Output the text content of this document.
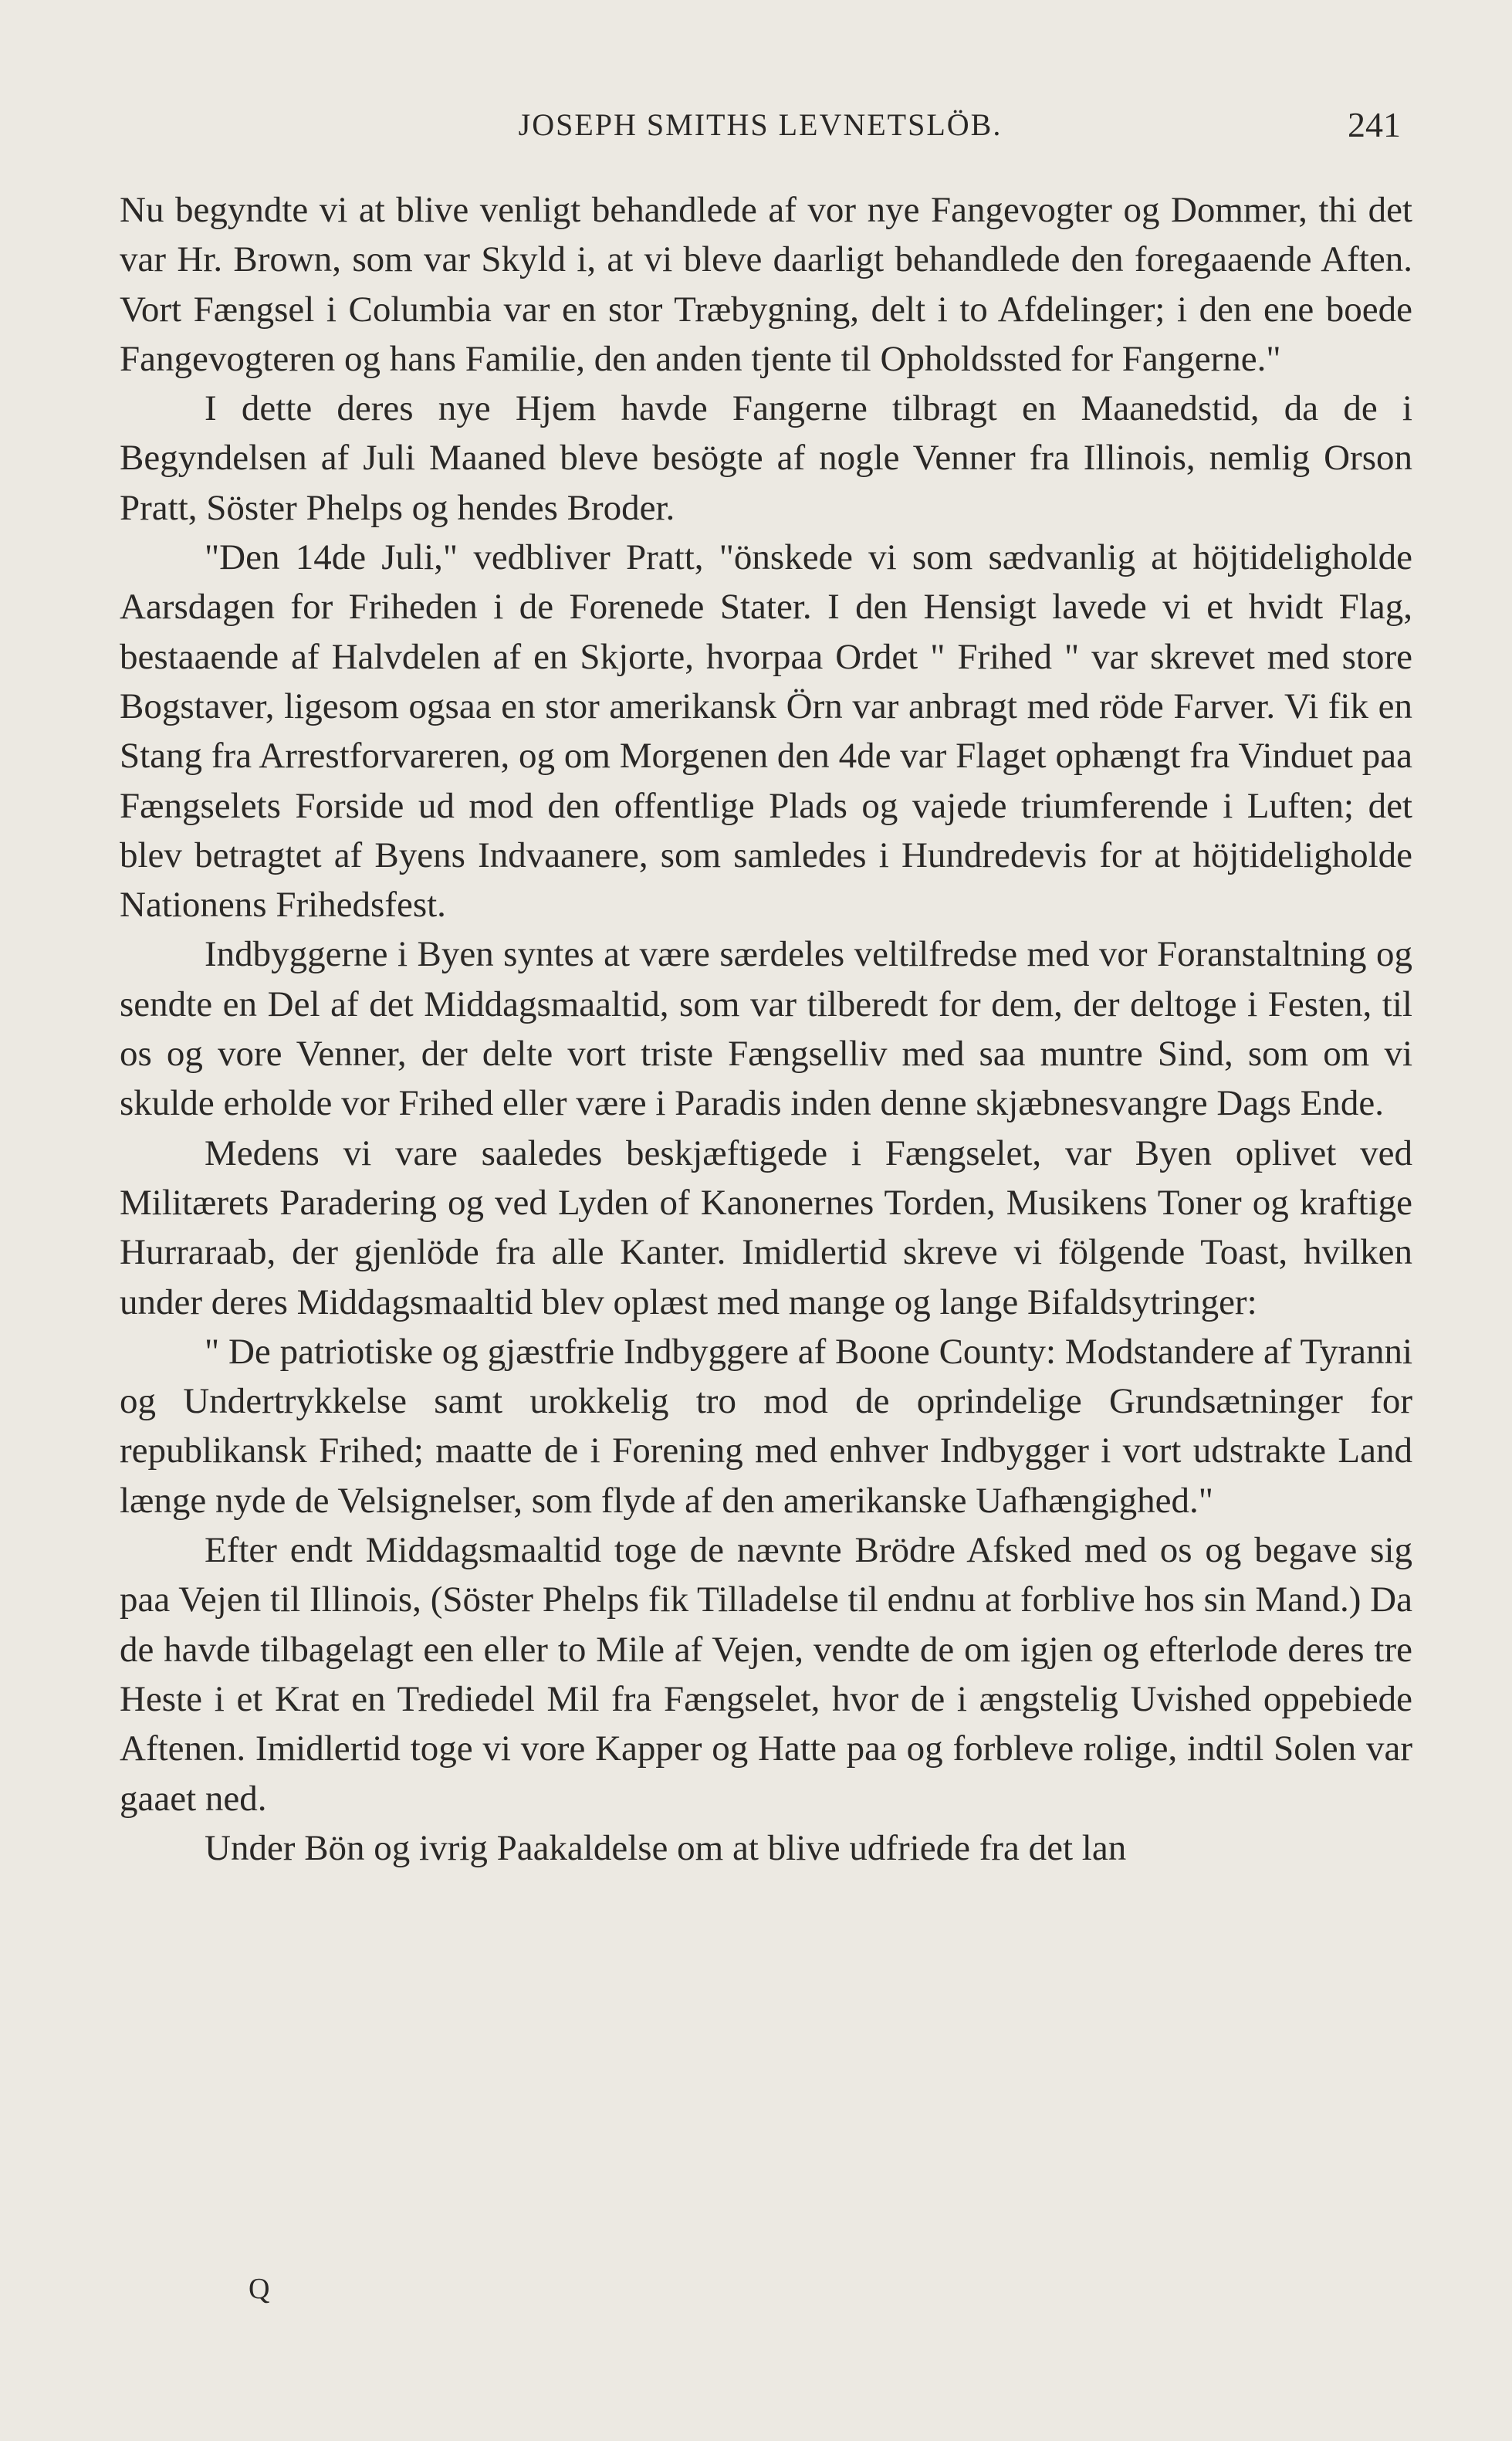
JOSEPH SMITHS LEVNETSLÖB.	241

Nu begyndte vi at blive venligt behandlede af vor nye Fangevogter og Dommer, thi det var Hr. Brown, som var Skyld i, at vi bleve daarligt behandlede den foregaaende Aften. Vort Fængsel i Columbia var en stor Træbygning, delt i to Afdelinger; i den ene boede Fangevogteren og hans Familie, den anden tjente til Opholdssted for Fangerne."

I dette deres nye Hjem havde Fangerne tilbragt en Maanedstid, da de i Begyndelsen af Juli Maaned bleve besögte af nogle Venner fra Illinois, nemlig Orson Pratt, Söster Phelps og hendes Broder.

"Den 14de Juli," vedbliver Pratt, "önskede vi som sædvanlig at höjtideligholde Aarsdagen for Friheden i de Forenede Stater. I den Hensigt lavede vi et hvidt Flag, bestaaende af Halvdelen af en Skjorte, hvorpaa Ordet " Frihed " var skrevet med store Bogstaver, ligesom ogsaa en stor amerikansk Örn var anbragt med röde Farver. Vi fik en Stang fra Arrestforvareren, og om Morgenen den 4de var Flaget ophængt fra Vinduet paa Fængselets Forside ud mod den offentlige Plads og vajede triumferende i Luften; det blev betragtet af Byens Indvaanere, som samledes i Hundredevis for at höjtideligholde Nationens Frihedsfest.

Indbyggerne i Byen syntes at være særdeles veltilfredse med vor Foranstaltning og sendte en Del af det Middagsmaaltid, som var tilberedt for dem, der deltoge i Festen, til os og vore Venner, der delte vort triste Fængselliv med saa muntre Sind, som om vi skulde erholde vor Frihed eller være i Paradis inden denne skjæbnesvangre Dags Ende.

Medens vi vare saaledes beskjæftigede i Fængselet, var Byen oplivet ved Militærets Paradering og ved Lyden of Kanonernes Torden, Musikens Toner og kraftige Hurraraab, der gjenlöde fra alle Kanter. Imidlertid skreve vi fölgende Toast, hvilken under deres Middagsmaaltid blev oplæst med mange og lange Bifaldsytringer:

" De patriotiske og gjæstfrie Indbyggere af Boone County: Modstandere af Tyranni og Undertrykkelse samt urokkelig tro mod de oprindelige Grundsætninger for republikansk Frihed; maatte de i Forening med enhver Indbygger i vort udstrakte Land længe nyde de Velsignelser, som flyde af den amerikanske Uafhængighed."

Efter endt Middagsmaaltid toge de nævnte Brödre Afsked med os og begave sig paa Vejen til Illinois, (Söster Phelps fik Tilladelse til endnu at forblive hos sin Mand.) Da de havde tilbagelagt een eller to Mile af Vejen, vendte de om igjen og efterlode deres tre Heste i et Krat en Trediedel Mil fra Fængselet, hvor de i ængstelig Uvished oppebiede Aftenen. Imidlertid toge vi vore Kapper og Hatte paa og forbleve rolige, indtil Solen var gaaet ned.

Under Bön og ivrig Paakaldelse om at blive udfriede fra det lan

Q
